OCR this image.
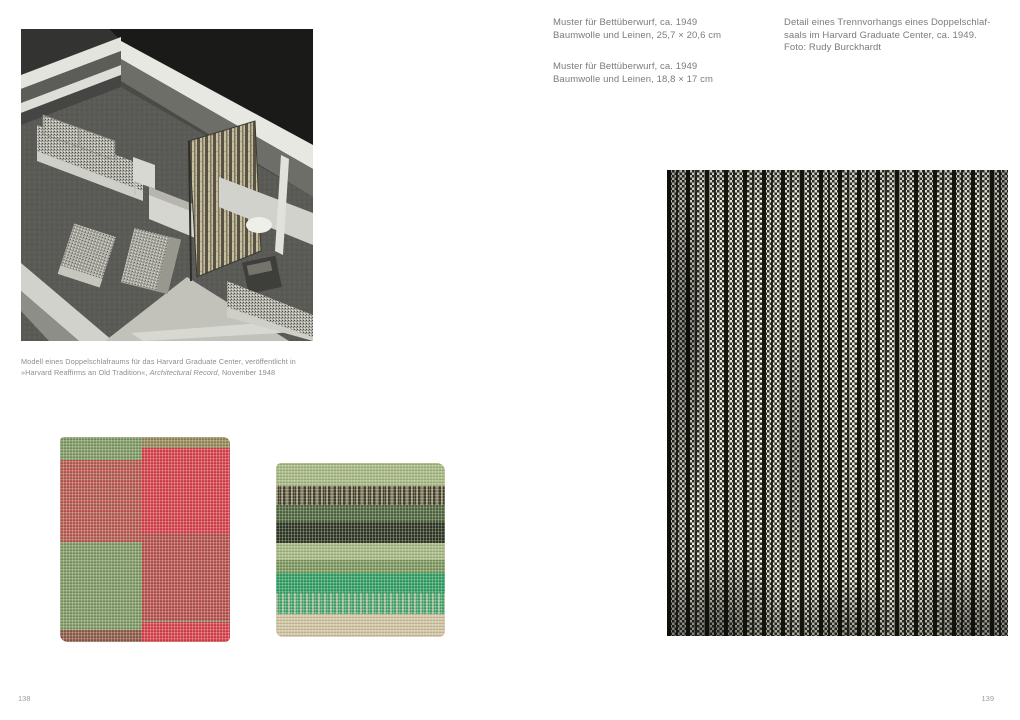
Modell eines Doppelschlafraums für das Harvard Graduate Center, veröffentlicht in
»Harvard Reaffirms an Old Tradition«, Architectural Record, November 1948

Muster für Bettüberwurf, ca. 1949
Baumwolle und Leinen, 25,7 × 20,6 cm

Muster für Bettüberwurf, ca. 1949
Baumwolle und Leinen, 18,8 × 17 cm

Detail eines Trennvorhangs eines Doppelschlaf-
saals im Harvard Graduate Center, ca. 1949.
Foto: Rudy Burckhardt
138	139
